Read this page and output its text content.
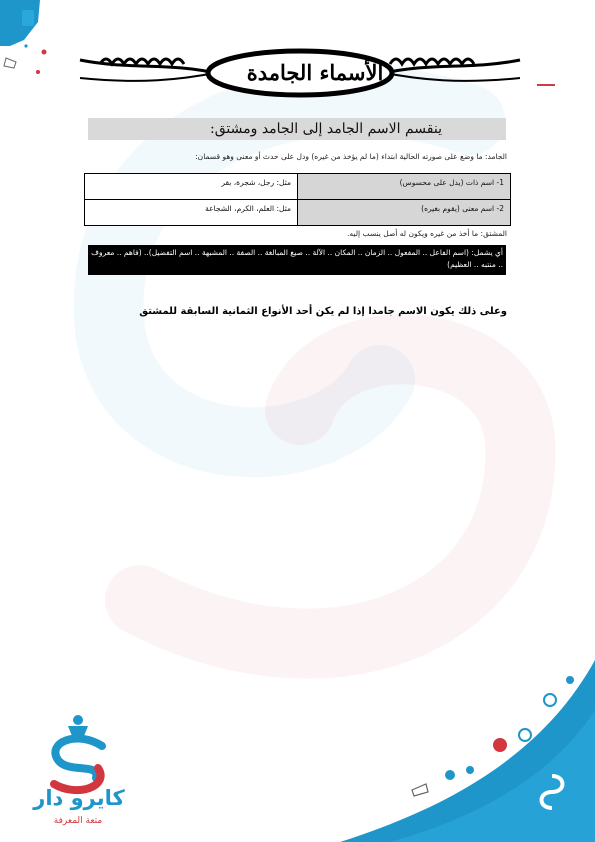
الأسماء الجامدة
ينقسم الاسم الجامد إلى الجامد ومشتق:
الجامد: ما وضع على صورته الحالية ابتداء (ما لم يؤخذ من غيره) ودل على حدث أو معنى وهو قسمان:
1- اسم ذات (يدل على محسوس)	مثل: رجل، شجرة، بقر
2- اسم معنى (يقوم بغيره)	مثل: العلم، الكرم، الشجاعة
المشتق: ما أخذ من غيره ويكون له أصل ينسب إليه.
أي يشمل: (اسم الفاعل .. المفعول .. الزمان .. المكان .. الآلة .. صيغ المبالغة .. الصفة .. المشبهة .. اسم التفضيل).. (فاهم .. معروف .. منتبه .. العظيم)
وعلى ذلك يكون الاسم جامدا إذا لم يكن أحد الأنواع الثمانية السابقة للمشتق
كايرو دار
متعة المعرفة
